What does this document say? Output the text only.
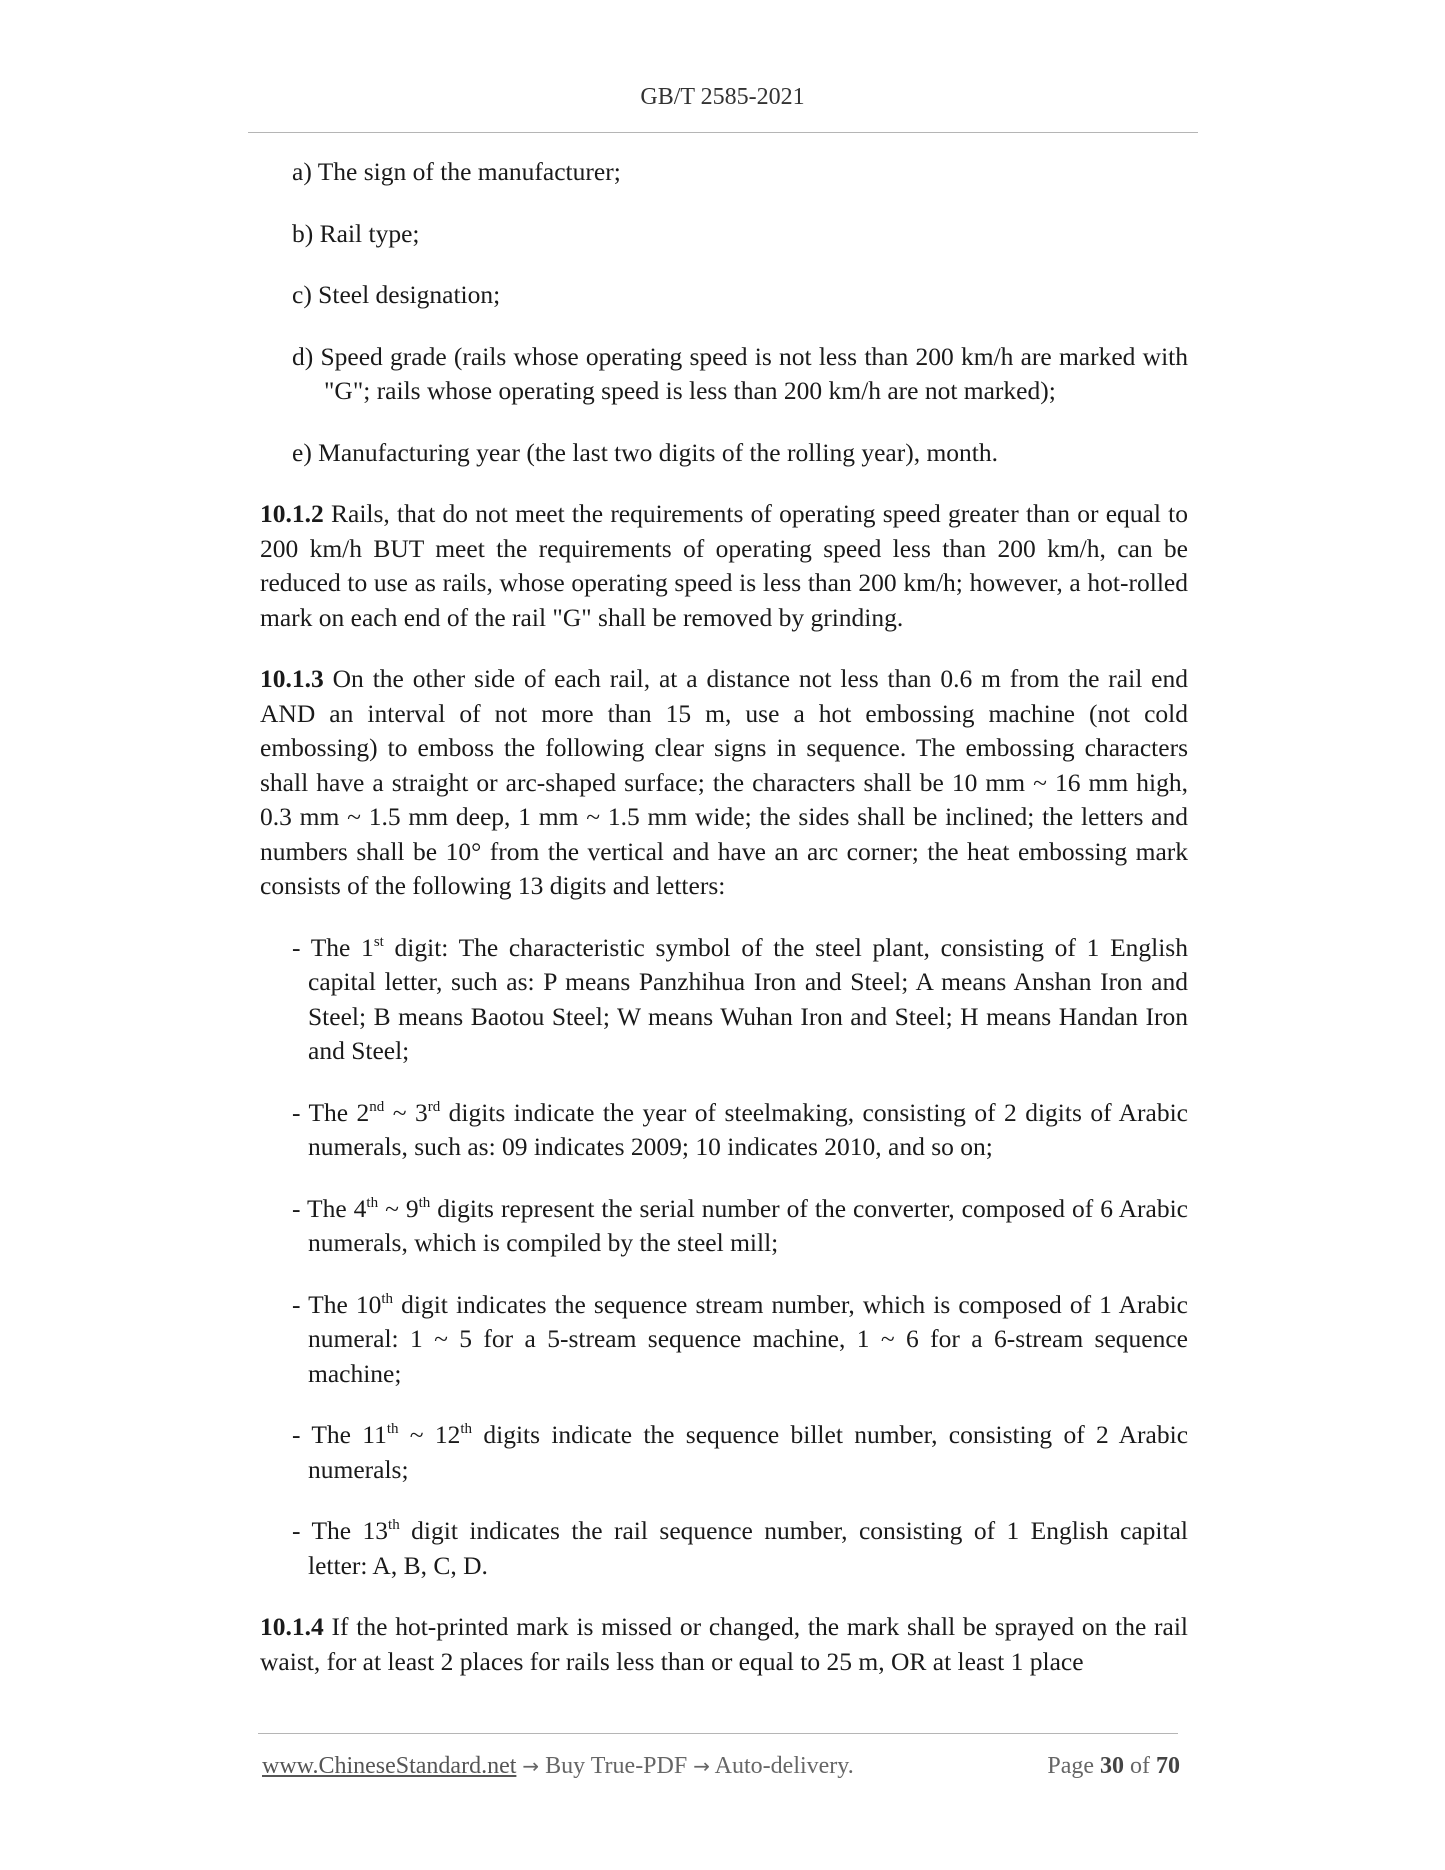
GB/T 2585-2021

a) The sign of the manufacturer;

b) Rail type;

c) Steel designation;

d) Speed grade (rails whose operating speed is not less than 200 km/h are marked with "G"; rails whose operating speed is less than 200 km/h are not marked);

e) Manufacturing year (the last two digits of the rolling year), month.

10.1.2 Rails, that do not meet the requirements of operating speed greater than or equal to 200 km/h BUT meet the requirements of operating speed less than 200 km/h, can be reduced to use as rails, whose operating speed is less than 200 km/h; however, a hot-rolled mark on each end of the rail "G" shall be removed by grinding.

10.1.3 On the other side of each rail, at a distance not less than 0.6 m from the rail end AND an interval of not more than 15 m, use a hot embossing machine (not cold embossing) to emboss the following clear signs in sequence. The embossing characters shall have a straight or arc-shaped surface; the characters shall be 10 mm ~ 16 mm high, 0.3 mm ~ 1.5 mm deep, 1 mm ~ 1.5 mm wide; the sides shall be inclined; the letters and numbers shall be 10° from the vertical and have an arc corner; the heat embossing mark consists of the following 13 digits and letters:

- The 1st digit: The characteristic symbol of the steel plant, consisting of 1 English capital letter, such as: P means Panzhihua Iron and Steel; A means Anshan Iron and Steel; B means Baotou Steel; W means Wuhan Iron and Steel; H means Handan Iron and Steel;

- The 2nd ~ 3rd digits indicate the year of steelmaking, consisting of 2 digits of Arabic numerals, such as: 09 indicates 2009; 10 indicates 2010, and so on;

- The 4th ~ 9th digits represent the serial number of the converter, composed of 6 Arabic numerals, which is compiled by the steel mill;

- The 10th digit indicates the sequence stream number, which is composed of 1 Arabic numeral: 1 ~ 5 for a 5-stream sequence machine, 1 ~ 6 for a 6-stream sequence machine;

- The 11th ~ 12th digits indicate the sequence billet number, consisting of 2 Arabic numerals;

- The 13th digit indicates the rail sequence number, consisting of 1 English capital letter: A, B, C, D.

10.1.4 If the hot-printed mark is missed or changed, the mark shall be sprayed on the rail waist, for at least 2 places for rails less than or equal to 25 m, OR at least 1 place

www.ChineseStandard.net → Buy True-PDF → Auto-delivery.	Page 30 of 70
